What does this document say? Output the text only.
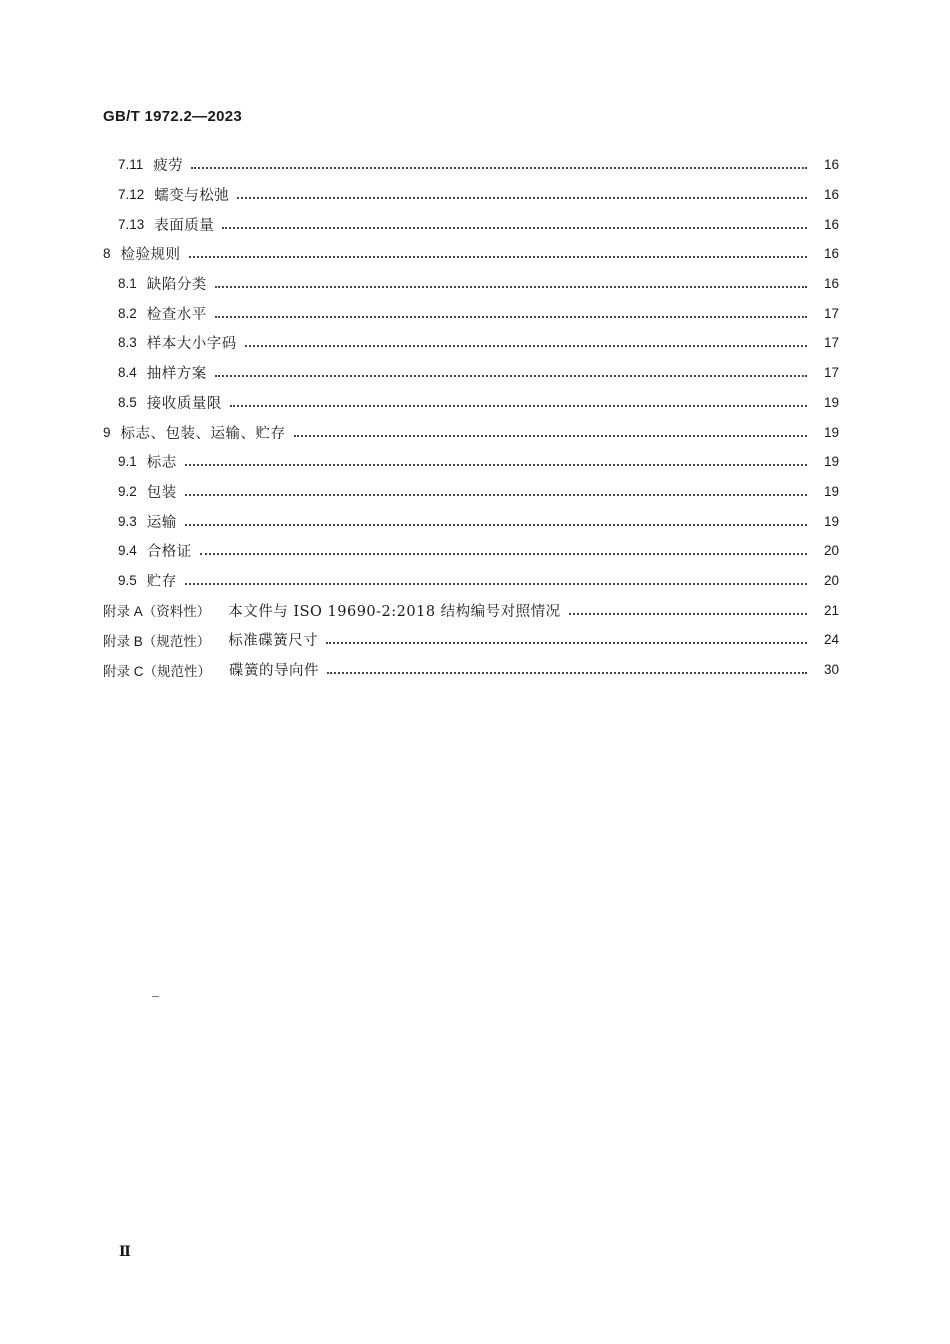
GB/T 1972.2—2023
7.11 疲劳	16
7.12 蠕变与松弛	16
7.13 表面质量	16
8 检验规则	16
8.1 缺陷分类	16
8.2 检查水平	17
8.3 样本大小字码	17
8.4 抽样方案	17
8.5 接收质量限	19
9 标志、包装、运输、贮存	19
9.1 标志	19
9.2 包装	19
9.3 运输	19
9.4 合格证	20
9.5 贮存	20
附录 A（资料性） 本文件与 ISO 19690-2:2018 结构编号对照情况	21
附录 B（规范性） 标准碟簧尺寸	24
附录 C（规范性） 碟簧的导向件	30
Ⅱ
